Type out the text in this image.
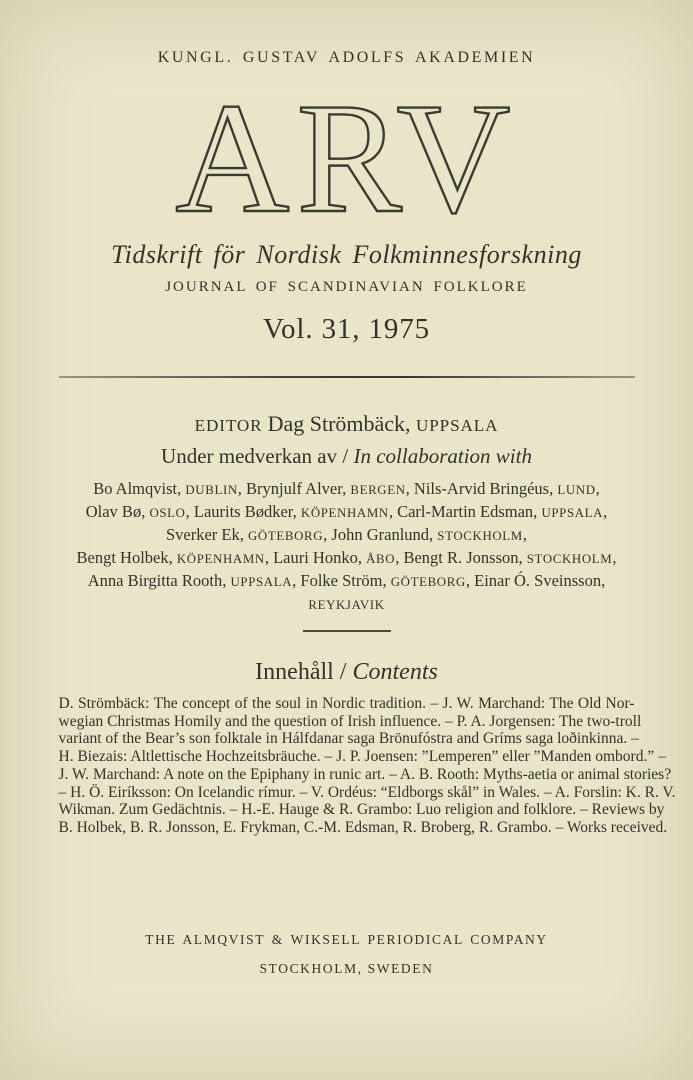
KUNGL. GUSTAV ADOLFS AKADEMIEN
ARV
Tidskrift för Nordisk Folkminnesforskning
JOURNAL OF SCANDINAVIAN FOLKLORE
Vol. 31, 1975
EDITOR Dag Strömbäck, UPPSALA
Under medverkan av / In collaboration with
Bo Almqvist, DUBLIN, Brynjulf Alver, BERGEN, Nils-Arvid Bringéus, LUND,
Olav Bø, OSLO, Laurits Bødker, KÖPENHAMN, Carl-Martin Edsman, UPPSALA,
Sverker Ek, GÖTEBORG, John Granlund, STOCKHOLM,
Bengt Holbek, KÖPENHAMN, Lauri Honko, ÅBO, Bengt R. Jonsson, STOCKHOLM,
Anna Birgitta Rooth, UPPSALA, Folke Ström, GÖTEBORG, Einar Ó. Sveinsson, REYKJAVIK
Innehåll / Contents
D. Strömbäck: The concept of the soul in Nordic tradition. – J. W. Marchand: The Old Nor-
wegian Christmas Homily and the question of Irish influence. – P. A. Jorgensen: The two-troll
variant of the Bear’s son folktale in Hálfdanar saga Brönufóstra and Gríms saga loðinkinna. –
H. Biezais: Altlettische Hochzeitsbräuche. – J. P. Joensen: ”Lemperen” eller ”Manden ombord.” –
J. W. Marchand: A note on the Epiphany in runic art. – A. B. Rooth: Myths-aetia or animal stories?
– H. Ö. Eiríksson: On Icelandic rímur. – V. Ordéus: “Eldborgs skål” in Wales. – A. Forslin: K. R. V.
Wikman. Zum Gedächtnis. – H.-E. Hauge & R. Grambo: Luo religion and folklore. – Reviews by
B. Holbek, B. R. Jonsson, E. Frykman, C.-M. Edsman, R. Broberg, R. Grambo. – Works received.
THE ALMQVIST & WIKSELL PERIODICAL COMPANY
STOCKHOLM, SWEDEN
